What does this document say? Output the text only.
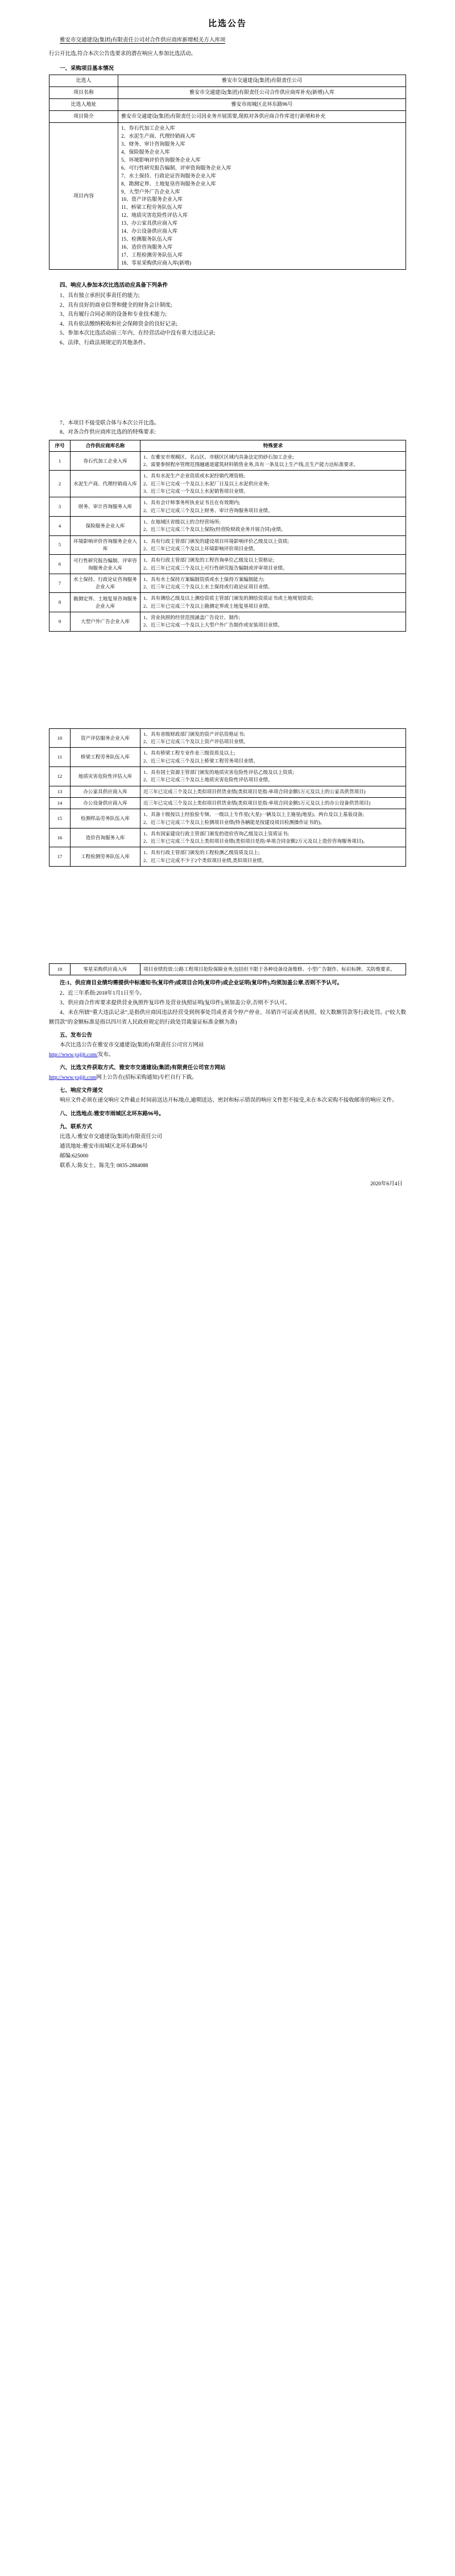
比选公告

雅安市交通建设(集团)有限责任公司对合作供应商库新增相关方入库项

行公开比选,符合本次公告选要求的潜在响应人参加比选活动。

一、采购项目基本情况
比选人	雅安市交通建设(集团)有限责任公司
项目名称	雅安市交通建设(集团)有限责任公司合作供应商库补充(新增)入库
比选人地址	雅安市雨城区北环东路96号
项目简介	雅安市交通建设(集团)有限责任公司因业务开展需要,现拟对各供应商合作库进行新增和补充
项目内容	
1、券石代加工企业入库
2、水泥生产商、代理经销商入库
3、财务、审计咨询服务入库
4、保险服务企业入库
5、环境影响评价咨询服务企业入库
6、可行性研究报告编制、评审资询服务企业入库
7、水土保持、行政论证咨询服务企业入库
8、勘测定界、土地复垦咨询服务企业入库
9、大型户外广告企业入库
10、资产评估服务企业入库
11、桥梁工程劳务队伍入库
12、地质灾害危险性评估入库
13、办公家具供应商入库
14、办公设备供应商入库
15、检测服务队伍入库
16、造价咨询服务入库
17、工程检测劳务队伍入库
18、零星采购供应商入库(新增)
四、响应人参加本次比选活动应具备下列条件
1、具有独立承担民事责任的能力;
2、具有良好的商业信誉和健全的财务会计制度;
3、具有履行合同必须的设备和专业技术能力;
4、具有依法缴纳税收和社会保障资金的良好记录;
5、参加本次比选活动前三年内、在经营活动中没有重大违法记录;
6、法律、行政法规规定的其他条件。
7、本项目不接受联合体与本次公开比选。
8、对各合作供应商库比选的的特殊要求:
序号	合作供应商库名称	特殊要求
1	券石代加工企业入库	1、在雅安市规模区、名山区、市辖区区域内具备法定的砂石加工企业;

2、需要参照程序管理范围融通道建筑材料销售业务,具有一条及以上生产线,且生产能力达标准要求。

2	水泥生产商、代理经销商入库	1、具有水泥生产企业资质或水泥经销代理资格;

2、近三年已完成一个及以上水泥厂日及以上水泥供应业务;

3、近三年已完成一个及以上水泥销售项目业绩。

3	财务、审计咨询服务入库	1、具有会计师事务所执业证书且在有效期内;

2、近三年已完成三个及以上财务、审计咨询服务项目业绩。

4	保险服务企业入库	1、在地域区省级以上的合经营场所;

2、近三年已完成三个及以上保险(经营险财政业务开展合同)业绩。

5	环境影响评价咨询服务企业入库	1、具有行政主管部门颁发的建设项目环境影响评价乙级及以上资质;

2、近三年已完成三个及以上环境影响评价项目业绩。

6	可行性研究报告编制、评审咨询服务企业入库	1、具有行政主管部门颁发的工程咨询单位乙级及以上资格证;

2、近三年已完成三个及以上可行性研究报告编制或评审项目业绩。

7	水土保持、行政论证咨询服务企业入库	1、具有水土保持方案编制资质或水土保持方案编制能力;

2、近三年已完成三个及以上水土保持或行政论证项目业绩。

8	勘测定界、土地复垦咨询服务企业入库	1、具有测绘乙级及以上测绘资质主管部门颁发的测绘资质证书或土地规划资质;

2、近三年已完成三个及以上勘测定界或土地复垦项目业绩。

9	大型户外广告企业入库	1、营业执照的经营范围涵盖广告设计、制作;

2、近三年已完成一个及以上大型户外广告制作或安装项目业绩。

10	资产评估服务企业入库	1、具有省级财政部门颁发的资产评估资格证书;

2、近三年已完成三个及以上资产评估项目业绩。

11	桥梁工程劳务队伍入库	1、具有桥梁工程专业作业三级资质及以上;

2、近三年已完成三个及以上桥梁工程劳务项目业绩。

12	地质灾害危险性评估入库	1、具有国土资源主管部门颁发的地质灾害危险性评估乙级及以上资质;

2、近三年已完成三个及以上地质灾害危险性评估项目业绩。

13	办公家具供应商入库	近三年已完成三个及以上类似项目供货业绩(类似项目是指:单项合同金额5万元及以上的公家具供货项目)

14	办公设备供应商入库	近三年已完成三个及以上类似项目供货业绩(类似项目是指:单项合同金额5万元及以上的办公设备供货项目)

15	检测样品劳务队伍入库	1、具备十级按以上经验验专频、一级以上专作星(大星)一辆及以上主施星(地星)、两台及以上基装设备;

2、近三年已完成三个及以上检测项目业绩(特各辆能是按建设项目检测操作证书的)。

16	造价咨询服务入库	1、具有国家建设行政主管部门颁发的造价咨询乙级及以上资质证书;

2、近三年已完成三个及以上类似项目业绩(类似项目是指:单项合同金额2万元及以上造价咨询服务项目)。

17	工程检测劳务队伍入库	1、具有行政主管部门颁发的工程检测乙级资质及以上;

2、近三年已完成不少于2个类似项目业绩,类似项目业绩。

18	零星采购供应商入库	项目业绩投放:公路工程项目抢险保障业务,包括但不限于各种设备设备维修、小型广告制作、标识标牌、关防维要求。

注:1、供应商目业绩均需提供中标通知书(复印件)或项目合同(复印件)或企业证明(复印件),均须加盖公章,否则不予认可。
2、近三年系指:2018年1月1日至今。
3、供应商合作库要求提供营业执照件复印件及营业执照证明(复印件),须加盖公章,否则不予认可。
4、未在所辖“重大违法记录”,是指供应商因违法经营受到刑事处罚或者责令停产停业、吊销许可证或者执照、较大数额罚款等行政处罚。(“较大数额罚款”的金额标准是指以四川省人民政府规定的行政处罚裁量证标准金额为准)
五、发布公告
本次比选公告在雅安市交通建设(集团)有限责任公司官方网站
http://www.yajjjt.com/发布。
六、比选文件获取方式、雅安市交通建设(集团)有限责任公司官方网站
http://www.yajjjt.com网上公告在(招标采购通知)专栏自行下载。
七、响应文件递交
响应文件必须在递交响应文件截止时间前送达开标地点,逾期送达、密封和标示错误的响应文件恕不接受,未在本次采购不接收邮寄的响应文件。
八、比选地点:雅安市雨城区北环东路96号。
九、联系方式
比选人:雅安市交通建设(集团)有限责任公司
通讯地址:雅安市雨城区北环东路96号
邮编:625000
联系人:陈女士、陈先生 0835-2884088
2020年6月4日
